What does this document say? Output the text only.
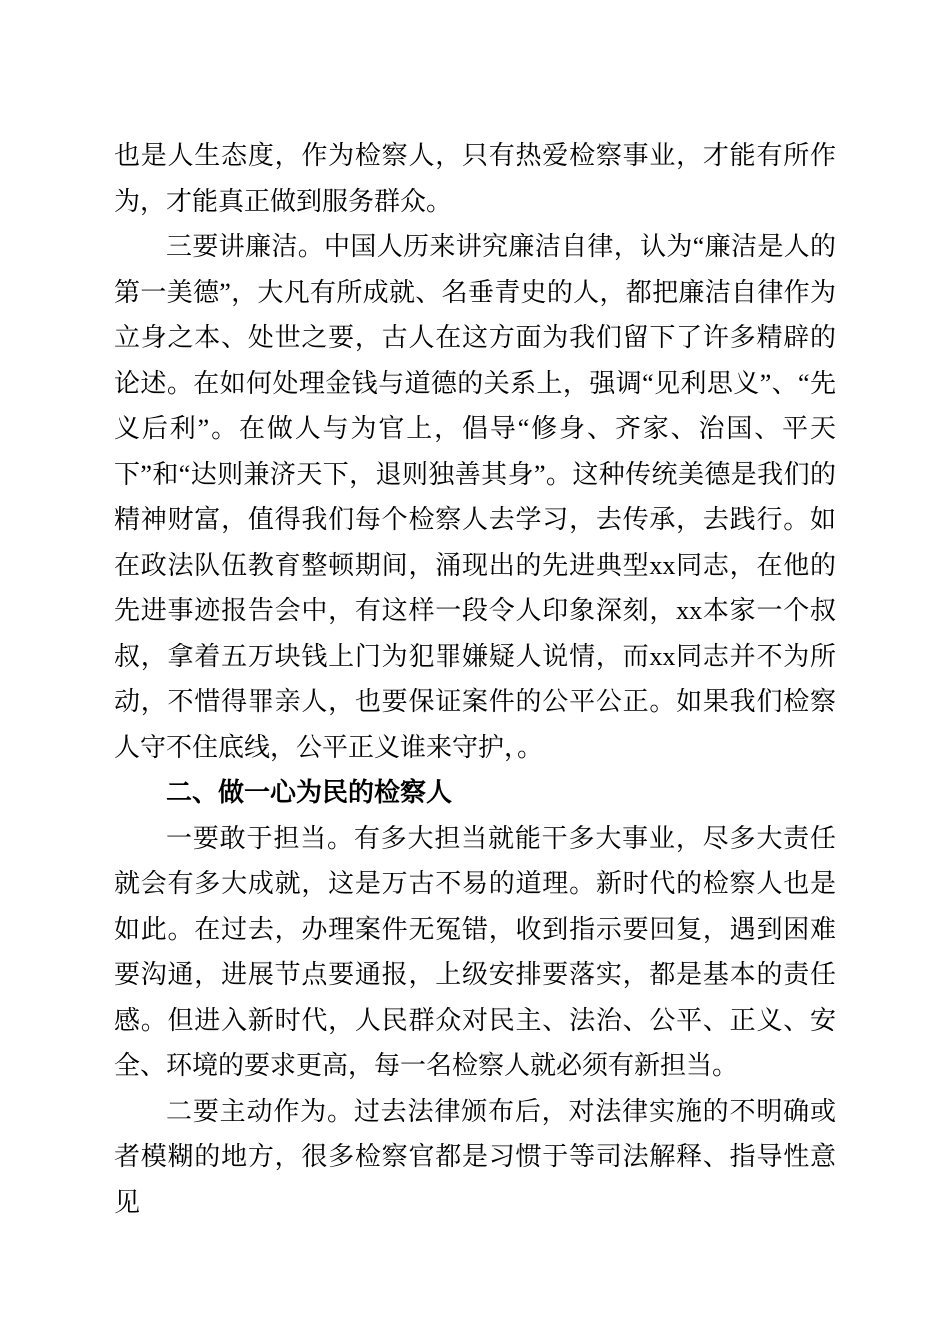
也是人生态度，作为检察人，只有热爱检察事业，才能有所作为，才能真正做到服务群众。

三要讲廉洁。中国人历来讲究廉洁自律，认为“廉洁是人的第一美德”，大凡有所成就、名垂青史的人，都把廉洁自律作为立身之本、处世之要，古人在这方面为我们留下了许多精辟的论述。在如何处理金钱与道德的关系上，强调“见利思义”、“先义后利”。在做人与为官上，倡导“修身、齐家、治国、平天下”和“达则兼济天下，退则独善其身”。这种传统美德是我们的精神财富，值得我们每个检察人去学习，去传承，去践行。如在政法队伍教育整顿期间，涌现出的先进典型xx同志，在他的先进事迹报告会中，有这样一段令人印象深刻，xx本家一个叔叔，拿着五万块钱上门为犯罪嫌疑人说情，而xx同志并不为所动，不惜得罪亲人，也要保证案件的公平公正。如果我们检察人守不住底线，公平正义谁来守护，。

二、做一心为民的检察人

一要敢于担当。有多大担当就能干多大事业，尽多大责任就会有多大成就，这是万古不易的道理。新时代的检察人也是如此。在过去，办理案件无冤错，收到指示要回复，遇到困难要沟通，进展节点要通报，上级安排要落实，都是基本的责任感。但进入新时代，人民群众对民主、法治、公平、正义、安全、环境的要求更高，每一名检察人就必须有新担当。

二要主动作为。过去法律颁布后，对法律实施的不明确或者模糊的地方，很多检察官都是习惯于等司法解释、指导性意见
